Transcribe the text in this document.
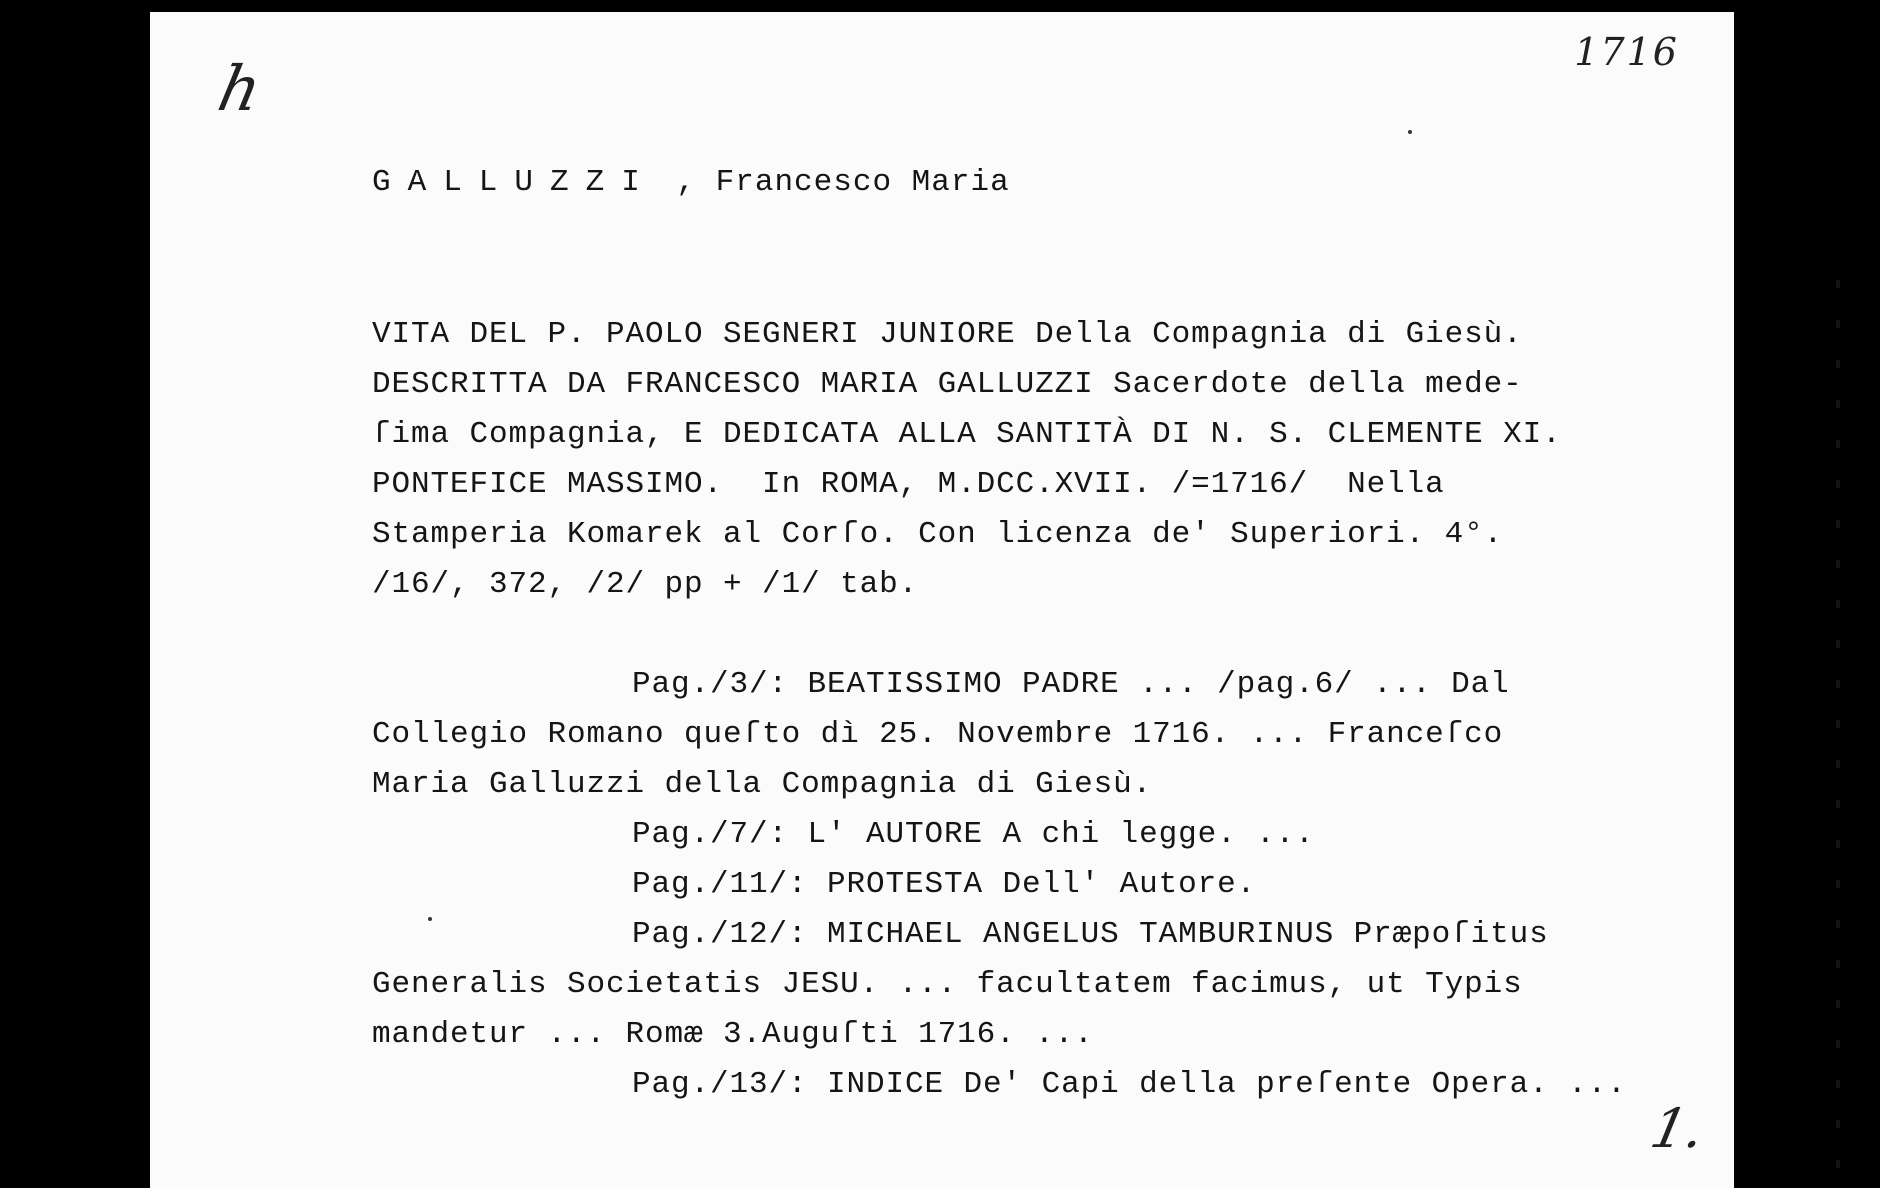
h	1716
GALLUZZI , Francesco Maria
VITA DEL P. PAOLO SEGNERI JUNIORE Della Compagnia di Giesù.
DESCRITTA DA FRANCESCO MARIA GALLUZZI Sacerdote della mede-
ſima Compagnia, E DEDICATA ALLA SANTITÀ DI N. S. CLEMENTE XI.
PONTEFICE MASSIMO.  In ROMA, M.DCC.XVII. /=1716/  Nella
Stamperia Komarek al Corſo. Con licenza de' Superiori. 4°.
/16/, 372, /2/ pp + /1/ tab.
Pag./3/: BEATISSIMO PADRE ... /pag.6/ ... Dal
Collegio Romano queſto dì 25. Novembre 1716. ... Franceſco
Maria Galluzzi della Compagnia di Giesù.
Pag./7/: L' AUTORE A chi legge. ...
Pag./11/: PROTESTA Dell' Autore.
Pag./12/: MICHAEL ANGELUS TAMBURINUS Præpoſitus
Generalis Societatis JESU. ... facultatem facimus, ut Typis
mandetur ... Romæ 3.Auguſti 1716. ...
Pag./13/: INDICE De' Capi della preſente Opera. ...
1.
